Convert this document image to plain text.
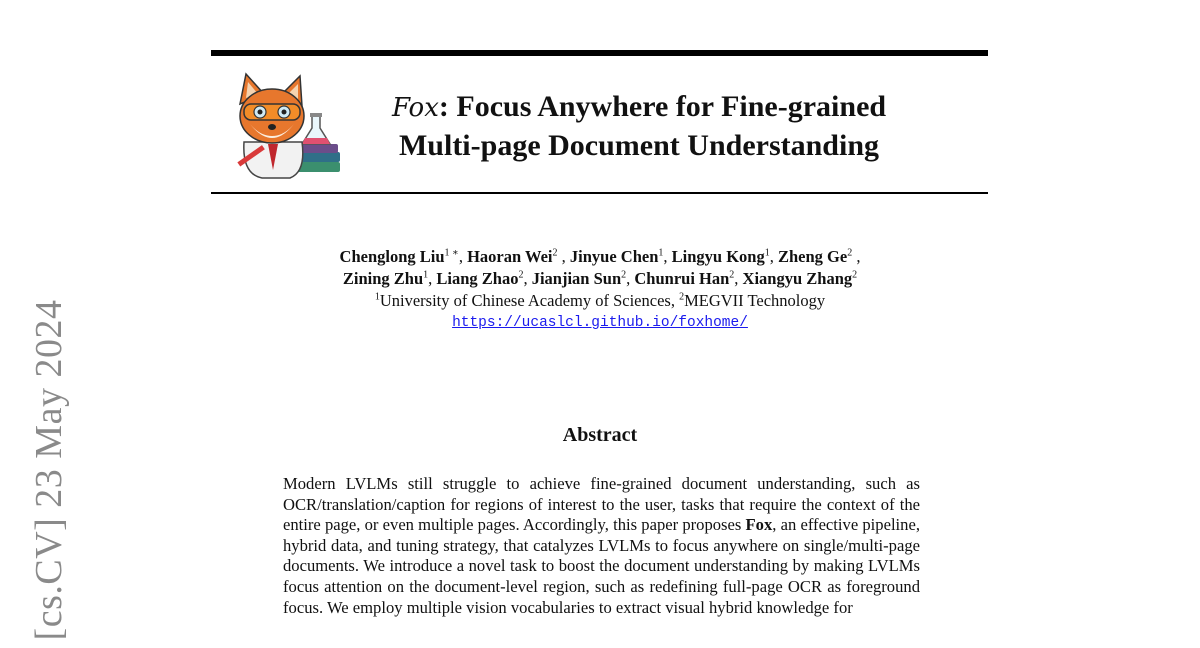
[cs.CV] 23 May 2024
Fox: Focus Anywhere for Fine-grained
Multi-page Document Understanding
Chenglong Liu$^{1 ∗}$, Haoran Wei$^2$ , Jinyue Chen$^1$, Lingyu Kong$^1$, Zheng Ge$^2$ ,
Zining Zhu$^1$, Liang Zhao$^2$, Jianjian Sun$^2$, Chunrui Han$^2$, Xiangyu Zhang$^2$
$^1$University of Chinese Academy of Sciences, $^2$MEGVII Technology
https://ucaslcl.github.io/foxhome/
Abstract

Modern LVLMs still struggle to achieve fine-grained document understanding, such as OCR/translation/caption for regions of interest to the user, tasks that require the context of the entire page, or even multiple pages. Accordingly, this paper proposes Fox, an effective pipeline, hybrid data, and tuning strategy, that catalyzes LVLMs to focus anywhere on single/multi-page documents. We introduce a novel task to boost the document understanding by making LVLMs focus attention on the document-level region, such as redefining full-page OCR as foreground focus. We employ multiple vision vocabularies to extract visual hybrid knowledge for
